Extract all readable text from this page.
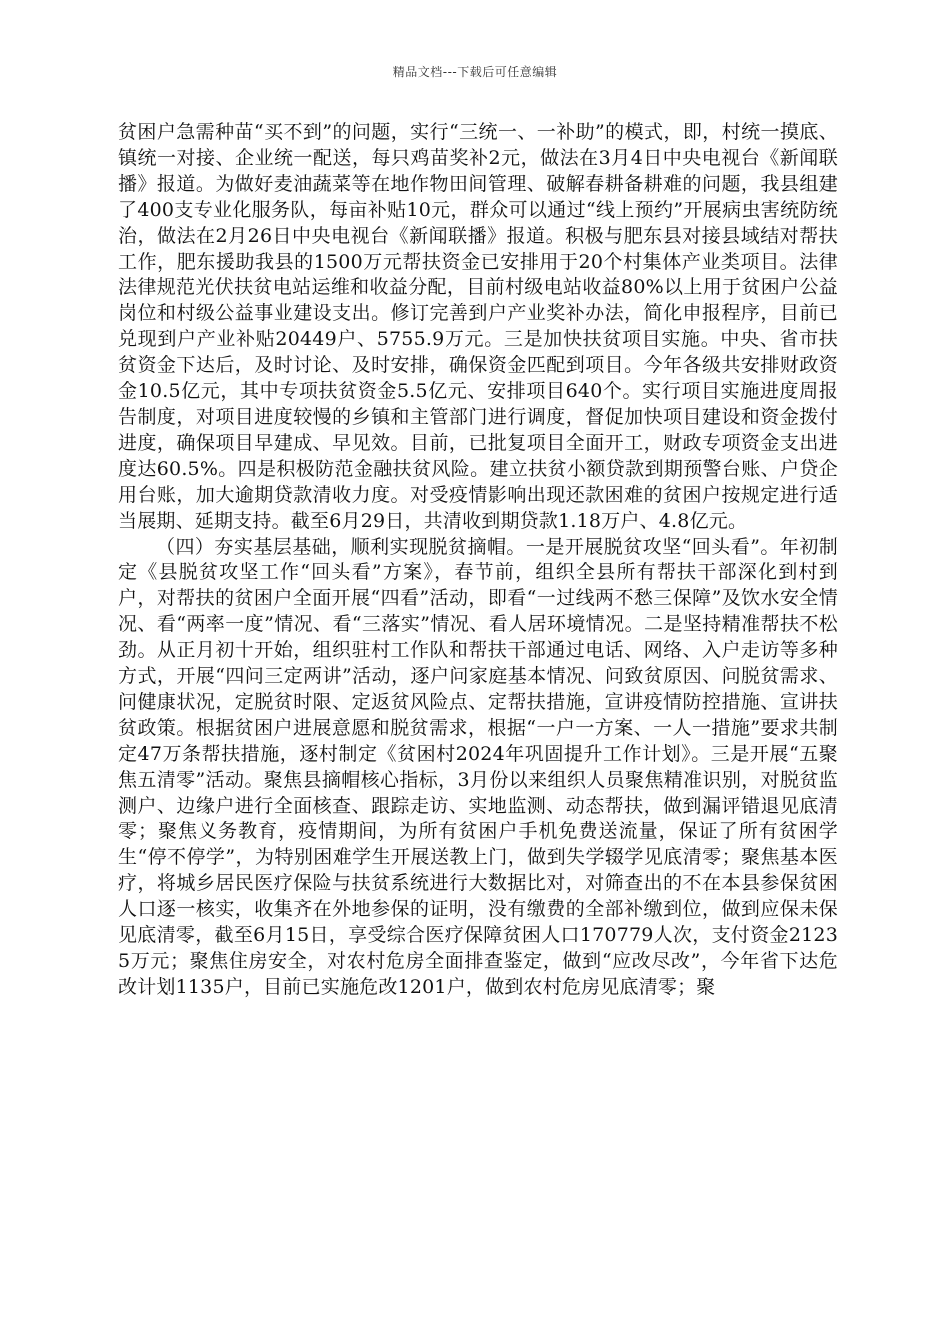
精品文档---下载后可任意编辑

贫困户急需种苗“买不到”的问题，实行“三统一、一补助”的模式，即，村统一摸底、镇统一对接、企业统一配送，每只鸡苗奖补2元，做法在3月4日中央电视台《新闻联播》报道。为做好麦油蔬菜等在地作物田间管理、破解春耕备耕难的问题，我县组建了400支专业化服务队，每亩补贴10元，群众可以通过“线上预约”开展病虫害统防统治，做法在2月26日中央电视台《新闻联播》报道。积极与肥东县对接县域结对帮扶工作，肥东援助我县的1500万元帮扶资金已安排用于20个村集体产业类项目。法律法律规范光伏扶贫电站运维和收益分配，目前村级电站收益80%以上用于贫困户公益岗位和村级公益事业建设支出。修订完善到户产业奖补办法，简化申报程序，目前已兑现到户产业补贴20449户、5755.9万元。三是加快扶贫项目实施。中央、省市扶贫资金下达后，及时讨论、及时安排，确保资金匹配到项目。今年各级共安排财政资金10.5亿元，其中专项扶贫资金5.5亿元、安排项目640个。实行项目实施进度周报告制度，对项目进度较慢的乡镇和主管部门进行调度，督促加快项目建设和资金拨付进度，确保项目早建成、早见效。目前，已批复项目全面开工，财政专项资金支出进度达60.5%。四是积极防范金融扶贫风险。建立扶贫小额贷款到期预警台账、户贷企用台账，加大逾期贷款清收力度。对受疫情影响出现还款困难的贫困户按规定进行适当展期、延期支持。截至6月29日，共清收到期贷款1.18万户、4.8亿元。

（四）夯实基层基础，顺利实现脱贫摘帽。一是开展脱贫攻坚“回头看”。年初制定《县脱贫攻坚工作“回头看”方案》，春节前，组织全县所有帮扶干部深化到村到户，对帮扶的贫困户全面开展“四看”活动，即看“一过线两不愁三保障”及饮水安全情况、看“两率一度”情况、看“三落实”情况、看人居环境情况。二是坚持精准帮扶不松劲。从正月初十开始，组织驻村工作队和帮扶干部通过电话、网络、入户走访等多种方式，开展“四问三定两讲”活动，逐户问家庭基本情况、问致贫原因、问脱贫需求、问健康状况，定脱贫时限、定返贫风险点、定帮扶措施，宣讲疫情防控措施、宣讲扶贫政策。根据贫困户进展意愿和脱贫需求，根据“一户一方案、一人一措施”要求共制定47万条帮扶措施，逐村制定《贫困村2024年巩固提升工作计划》。三是开展“五聚焦五清零”活动。聚焦县摘帽核心指标，3月份以来组织人员聚焦精准识别，对脱贫监测户、边缘户进行全面核查、跟踪走访、实地监测、动态帮扶，做到漏评错退见底清零；聚焦义务教育，疫情期间，为所有贫困户手机免费送流量，保证了所有贫困学生“停不停学”，为特别困难学生开展送教上门，做到失学辍学见底清零；聚焦基本医疗，将城乡居民医疗保险与扶贫系统进行大数据比对，对筛查出的不在本县参保贫困人口逐一核实，收集齐在外地参保的证明，没有缴费的全部补缴到位，做到应保未保见底清零，截至6月15日，享受综合医疗保障贫困人口170779人次，支付资金21235万元；聚焦住房安全，对农村危房全面排查鉴定，做到“应改尽改”，今年省下达危改计划1135户，目前已实施危改1201户，做到农村危房见底清零；聚
